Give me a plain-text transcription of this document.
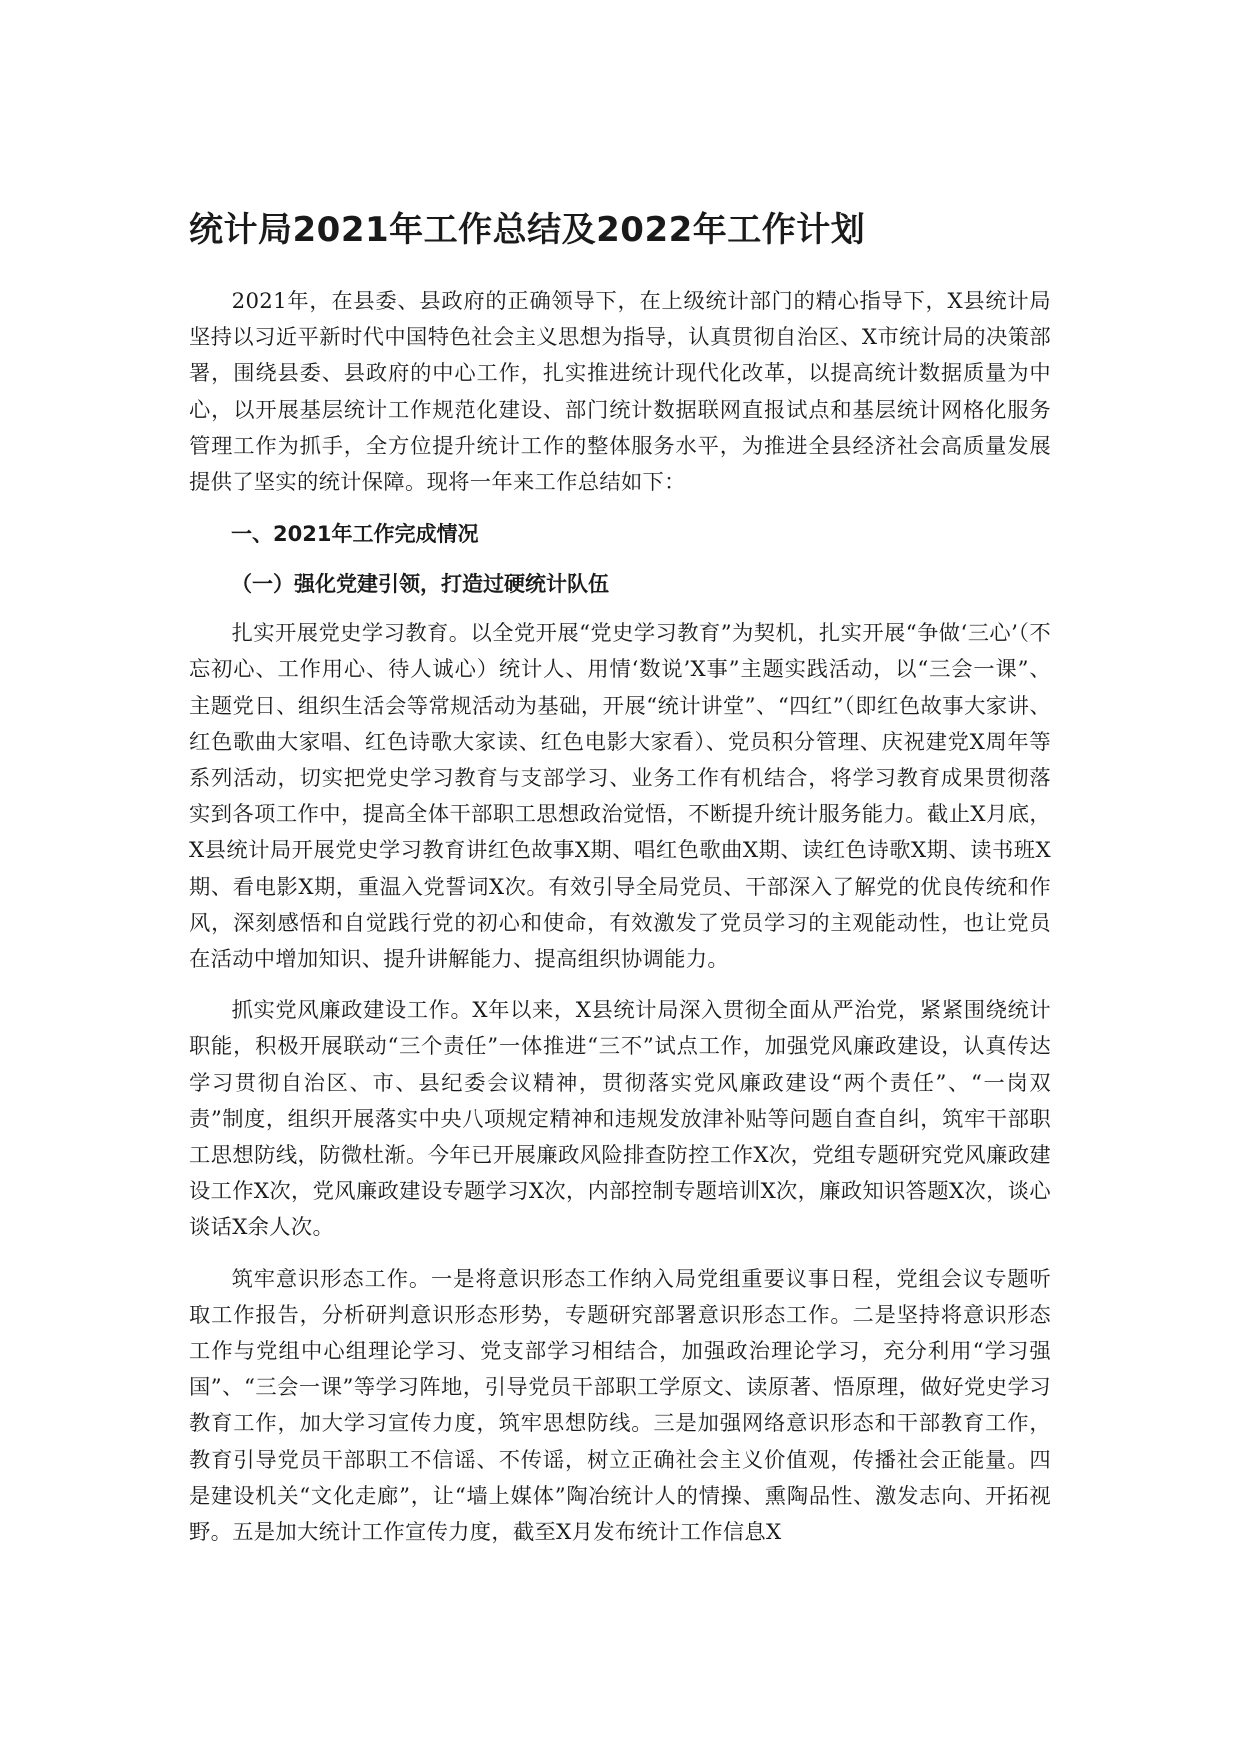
统计局2021年工作总结及2022年工作计划

2021年，在县委、县政府的正确领导下，在上级统计部门的精心指导下，X县统计局坚持以习近平新时代中国特色社会主义思想为指导，认真贯彻自治区、X市统计局的决策部署，围绕县委、县政府的中心工作，扎实推进统计现代化改革，以提高统计数据质量为中心，以开展基层统计工作规范化建设、部门统计数据联网直报试点和基层统计网格化服务管理工作为抓手，全方位提升统计工作的整体服务水平，为推进全县经济社会高质量发展提供了坚实的统计保障。现将一年来工作总结如下：

一、2021年工作完成情况

（一）强化党建引领，打造过硬统计队伍

扎实开展党史学习教育。以全党开展“党史学习教育”为契机，扎实开展“争做‘三心’（不忘初心、工作用心、待人诚心）统计人、用情‘数说’X事”主题实践活动，以“三会一课”、主题党日、组织生活会等常规活动为基础，开展“统计讲堂”、“四红”（即红色故事大家讲、红色歌曲大家唱、红色诗歌大家读、红色电影大家看）、党员积分管理、庆祝建党X周年等系列活动，切实把党史学习教育与支部学习、业务工作有机结合，将学习教育成果贯彻落实到各项工作中，提高全体干部职工思想政治觉悟，不断提升统计服务能力。截止X月底，X县统计局开展党史学习教育讲红色故事X期、唱红色歌曲X期、读红色诗歌X期、读书班X期、看电影X期，重温入党誓词X次。有效引导全局党员、干部深入了解党的优良传统和作风，深刻感悟和自觉践行党的初心和使命，有效激发了党员学习的主观能动性，也让党员在活动中增加知识、提升讲解能力、提高组织协调能力。

抓实党风廉政建设工作。X年以来，X县统计局深入贯彻全面从严治党，紧紧围绕统计职能，积极开展联动“三个责任”一体推进“三不”试点工作，加强党风廉政建设，认真传达学习贯彻自治区、市、县纪委会议精神，贯彻落实党风廉政建设“两个责任”、“一岗双责”制度，组织开展落实中央八项规定精神和违规发放津补贴等问题自查自纠，筑牢干部职工思想防线，防微杜渐。今年已开展廉政风险排查防控工作X次，党组专题研究党风廉政建设工作X次，党风廉政建设专题学习X次，内部控制专题培训X次，廉政知识答题X次，谈心谈话X余人次。

筑牢意识形态工作。一是将意识形态工作纳入局党组重要议事日程，党组会议专题听取工作报告，分析研判意识形态形势，专题研究部署意识形态工作。二是坚持将意识形态工作与党组中心组理论学习、党支部学习相结合，加强政治理论学习，充分利用“学习强国”、“三会一课”等学习阵地，引导党员干部职工学原文、读原著、悟原理，做好党史学习教育工作，加大学习宣传力度，筑牢思想防线。三是加强网络意识形态和干部教育工作，教育引导党员干部职工不信谣、不传谣，树立正确社会主义价值观，传播社会正能量。四是建设机关“文化走廊”，让“墙上媒体”陶冶统计人的情操、熏陶品性、激发志向、开拓视野。五是加大统计工作宣传力度，截至X月发布统计工作信息X
